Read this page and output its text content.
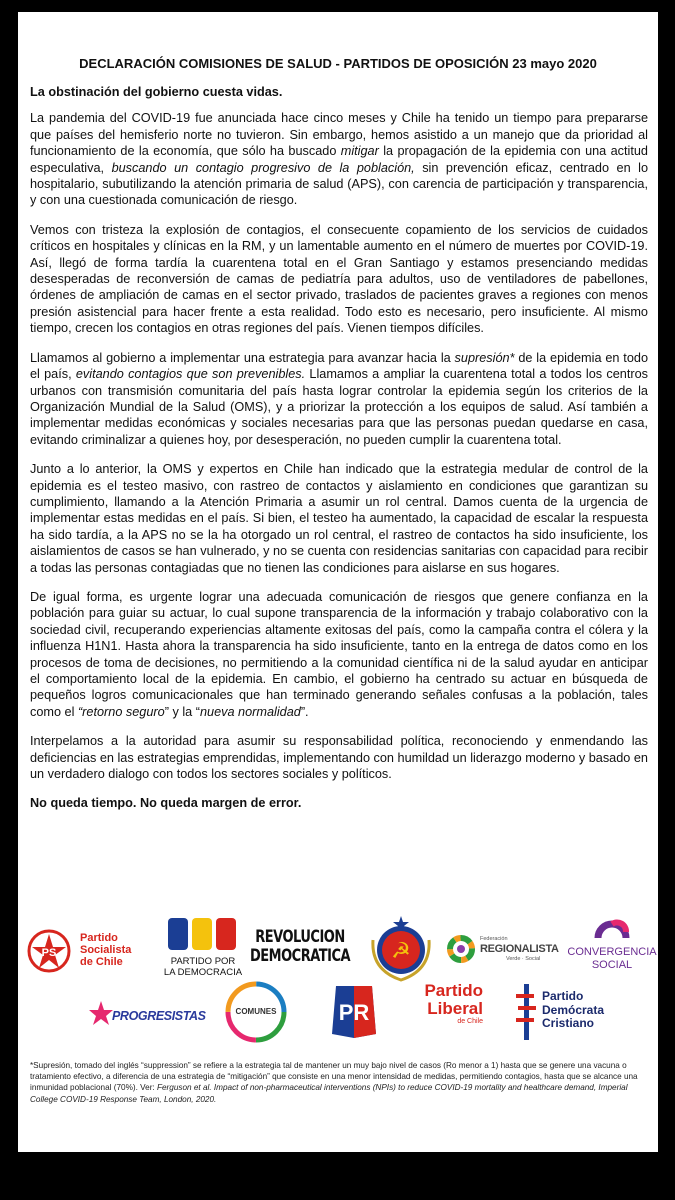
DECLARACIÓN COMISIONES DE SALUD - PARTIDOS DE OPOSICIÓN 23 mayo 2020

La obstinación del gobierno cuesta vidas.

La pandemia del COVID-19 fue anunciada hace cinco meses y Chile ha tenido un tiempo para prepararse que países del hemisferio norte no tuvieron. Sin embargo, hemos asistido a un manejo que da prioridad al funcionamiento de la economía, que sólo ha buscado mitigar la propagación de la epidemia con una actitud especulativa, buscando un contagio progresivo de la población, sin prevención eficaz, centrado en lo hospitalario, subutilizando la atención primaria de salud (APS), con carencia de participación y transparencia, y con una cuestionada comunicación de riesgo.

Vemos con tristeza la explosión de contagios, el consecuente copamiento de los servicios de cuidados críticos en hospitales y clínicas en la RM, y un lamentable aumento en el número de muertes por COVID-19. Así, llegó de forma tardía la cuarentena total en el Gran Santiago y estamos presenciando medidas desesperadas de reconversión de camas de pediatría para adultos, uso de ventiladores de pabellones, órdenes de ampliación de camas en el sector privado, traslados de pacientes graves a regiones con menos presión asistencial para hacer frente a esta realidad. Todo esto es necesario, pero insuficiente. Al mismo tiempo, crecen los contagios en otras regiones del país. Vienen tiempos difíciles.

Llamamos al gobierno a implementar una estrategia para avanzar hacia la supresión* de la epidemia en todo el país, evitando contagios que son prevenibles. Llamamos a ampliar la cuarentena total a todos los centros urbanos con transmisión comunitaria del país hasta lograr controlar la epidemia según los criterios de la Organización Mundial de la Salud (OMS), y a priorizar la protección a los equipos de salud. Así también a implementar medidas económicas y sociales necesarias para que las personas puedan quedarse en casa, evitando criminalizar a quienes hoy, por desesperación, no pueden cumplir la cuarentena total.

Junto a lo anterior, la OMS y expertos en Chile han indicado que la estrategia medular de control de la epidemia es el testeo masivo, con rastreo de contactos y aislamiento en condiciones que garantizan su cumplimiento, llamando a la Atención Primaria a asumir un rol central. Damos cuenta de la urgencia de implementar estas medidas en el país. Si bien, el testeo ha aumentado, la capacidad de escalar la respuesta ha sido tardía, a la APS no se la ha otorgado un rol central, el rastreo de contactos ha sido insuficiente, los aislamientos de casos se han vulnerado, y no se cuenta con residencias sanitarias con capacidad para recibir a todas las personas contagiadas que no tienen las condiciones para aislarse en sus hogares.

De igual forma, es urgente lograr una adecuada comunicación de riesgos que genere confianza en la población para guiar su actuar, lo cual supone transparencia de la información y trabajo colaborativo con la sociedad civil, recuperando experiencias altamente exitosas del país, como la campaña contra el cólera y la influenza H1N1. Hasta ahora la transparencia ha sido insuficiente, tanto en la entrega de datos como en los procesos de toma de decisiones, no permitiendo a la comunidad científica ni de la salud ayudar en anticipar el comportamiento local de la epidemia. En cambio, el gobierno ha centrado su actuar en búsqueda de pequeños logros comunicacionales que han terminado generando señales confusas a la población, tales como el “retorno seguro” y la “nueva normalidad”.

Interpelamos a la autoridad para asumir su responsabilidad política, reconociendo y enmendando las deficiencias en las estrategias emprendidas, implementando con humildad un liderazgo moderno y basado en un verdadero dialogo con todos los sectores sociales y políticos.

No queda tiempo. No queda margen de error.

PS
Partido
Socialista
de Chile	PARTIDO POR
LA DEMOCRACIA
REVOLUCION
DEMOCRATICA ☭	Federación
REGIONALISTA
Verde · Social
CONVERGENCIA
SOCIAL
PROGRESISTAS	COMUNES	PR
Partido
Liberal
de Chile
Partido
Demócrata
Cristiano
*Supresión, tomado del inglés “suppression” se refiere a la estrategia tal de mantener un muy bajo nivel de casos (Ro menor a 1) hasta que se genere una vacuna o tratamiento efectivo, a diferencia de una estrategia de “mitigación” que consiste en una menor intensidad de medidas, permitiendo contagios, hasta que se alcance una inmunidad poblacional (70%). Ver: Ferguson et al. Impact of non-pharmaceutical interventions (NPIs) to reduce COVID-19 mortality and healthcare demand, Imperial College COVID-19 Response Team, London, 2020.
